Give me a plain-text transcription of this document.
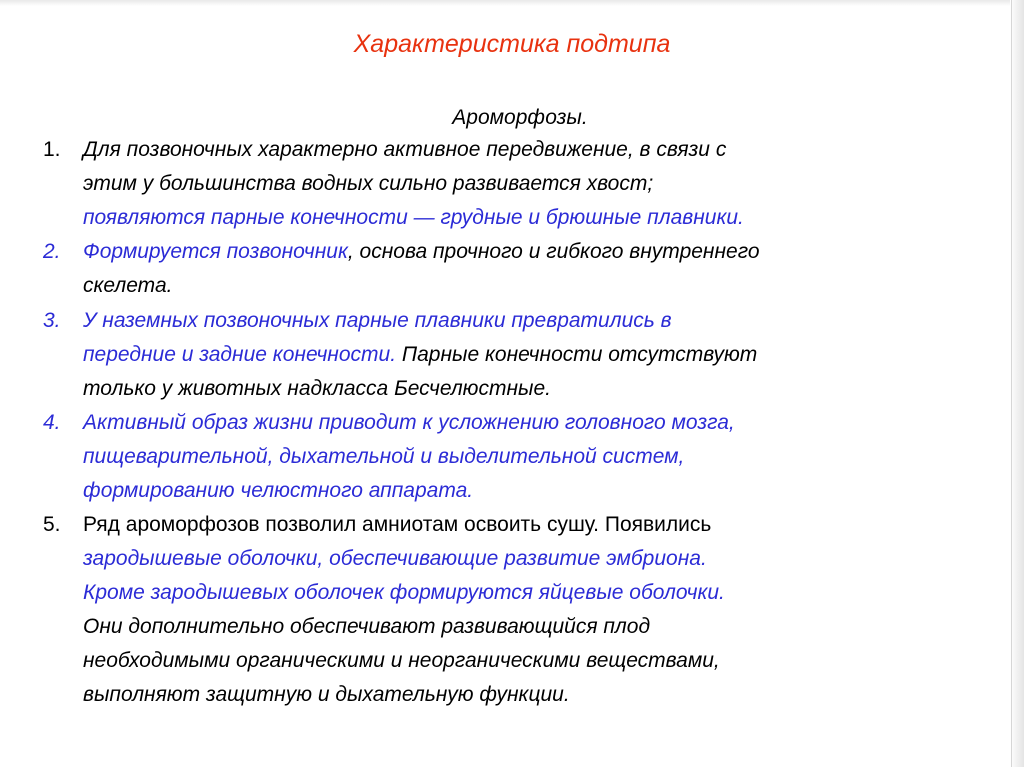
Характеристика подтипа
Ароморфозы.
1. Для позвоночных характерно активное передвижение, в связи с
этим у большинства водных сильно развивается хвост;
появляются парные конечности — грудные и брюшные плавники.
2. Формируется позвоночник, основа прочного и гибкого внутреннего
скелета.
3. У наземных позвоночных парные плавники превратились в
передние и задние конечности. Парные конечности отсутствуют
только у животных надкласса Бесчелюстные.
4. Активный образ жизни приводит к усложнению головного мозга,
пищеварительной, дыхательной и выделительной систем,
формированию челюстного аппарата.
5. Ряд ароморфозов позволил амниотам освоить сушу. Появились
зародышевые оболочки, обеспечивающие развитие эмбриона.
Кроме зародышевых оболочек формируются яйцевые оболочки.
Они дополнительно обеспечивают развивающийся плод
необходимыми органическими и неорганическими веществами,
выполняют защитную и дыхательную функции.
